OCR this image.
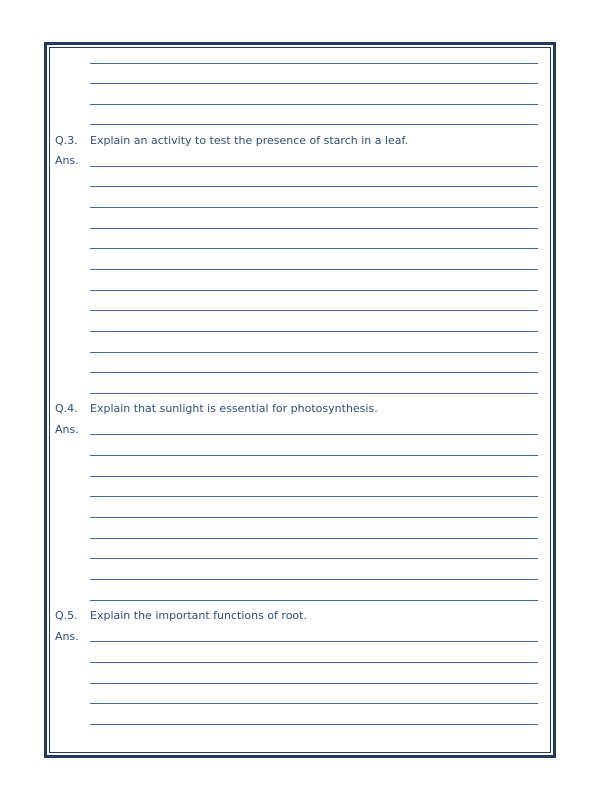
Q.3. Explain an activity to test the presence of starch in a leaf.
Ans.
Q.4. Explain that sunlight is essential for photosynthesis.
Ans.
Q.5. Explain the important functions of root.
Ans.
